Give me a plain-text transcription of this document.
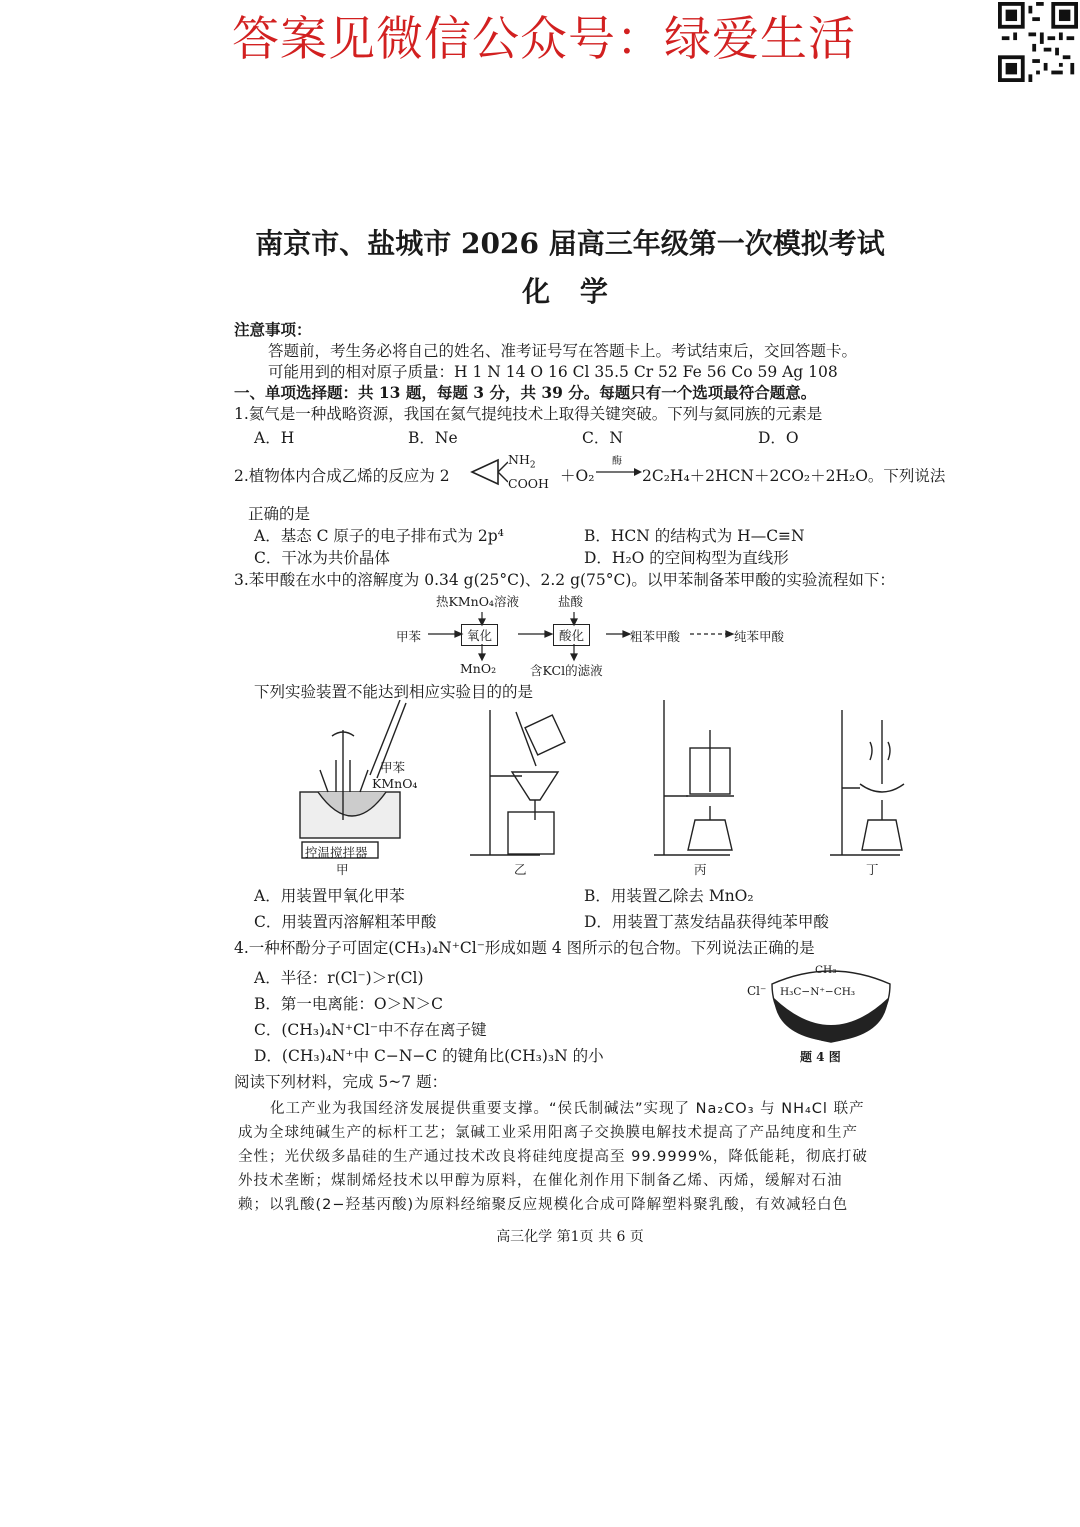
答案见微信公众号：绿爱生活
南京市、盐城市 2026 届高三年级第一次模拟考试
化 学
注意事项：
答题前，考生务必将自己的姓名、准考证号写在答题卡上。考试结束后，交回答题卡。
可能用到的相对原子质量：H 1 N 14 O 16 Cl 35.5 Cr 52 Fe 56 Co 59 Ag 108
一、单项选择题：共 13 题，每题 3 分，共 39 分。每题只有一个选项最符合题意。
1.氦气是一种战略资源，我国在氦气提纯技术上取得关键突破。下列与氦同族的元素是
A．H	B．Ne	C．N	D．O
2.植物体内合成乙烯的反应为 2
$NH_2$
COOH ＋O₂
酶
→ 2C₂H₄＋2HCN＋2CO₂＋2H₂O。下列说法
正确的是
A．基态 C 原子的电子排布式为 2p⁴	B．HCN 的结构式为 H—C≡N
C．干冰为共价晶体	D．H₂O 的空间构型为直线形
3.苯甲酸在水中的溶解度为 0.34 g(25°C)、2.2 g(75°C)。以甲苯制备苯甲酸的实验流程如下：
热KMnO₄溶液	盐酸
甲苯	氧化	酸化	粗苯甲酸	纯苯甲酸
MnO₂	含KCl的滤液
下列实验装置不能达到相应实验目的的是
甲苯
KMnO₄
控温搅拌器
甲	乙	丙	丁
A．用装置甲氧化甲苯	B．用装置乙除去 MnO₂
C．用装置丙溶解粗苯甲酸	D．用装置丁蒸发结晶获得纯苯甲酸
4.一种杯酚分子可固定(CH₃)₄N⁺Cl⁻形成如题 4 图所示的包合物。下列说法正确的是
A．半径：r(Cl⁻)＞r(Cl)
B．第一电离能：O＞N＞C
C．(CH₃)₄N⁺Cl⁻中不存在离子键
D．(CH₃)₄N⁺中 C−N−C 的键角比(CH₃)₃N 的小
Cl⁻
CH₃
H₃C−N⁺−CH₃
CH₃
题 4 图
阅读下列材料，完成 5~7 题：
化工产业为我国经济发展提供重要支撑。“侯氏制碱法”实现了 Na₂CO₃ 与 NH₄Cl 联产
成为全球纯碱生产的标杆工艺；氯碱工业采用阳离子交换膜电解技术提高了产品纯度和生产
全性；光伏级多晶硅的生产通过技术改良将硅纯度提高至 99.9999%，降低能耗，彻底打破
外技术垄断；煤制烯烃技术以甲醇为原料，在催化剂作用下制备乙烯、丙烯，缓解对石油
赖；以乳酸(2−羟基丙酸)为原料经缩聚反应规模化合成可降解塑料聚乳酸，有效减轻白色
高三化学 第1页 共 6 页
